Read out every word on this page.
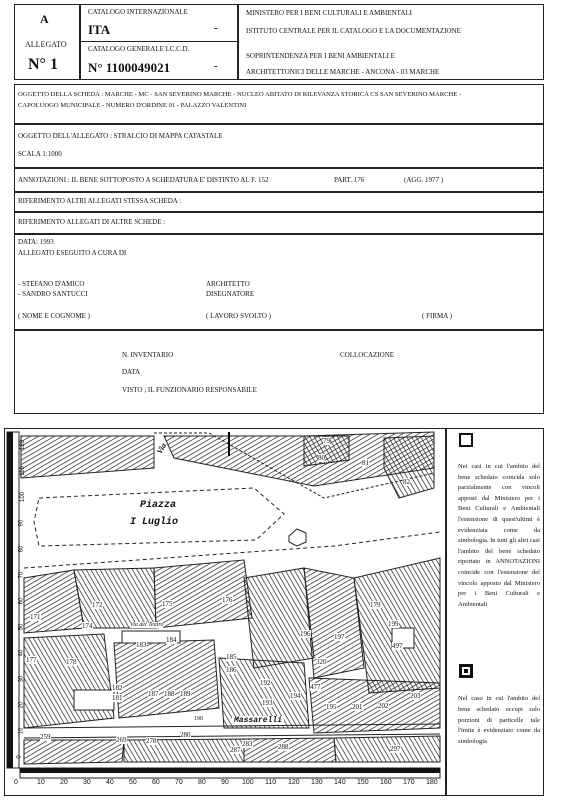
A
ALLEGATO
N° 1
CATALOGO INTERNAZIONALE
ITA	-
CATALOGO GENERALE I.C.C.D.
N° 1100049021	-
MINISTERO PER I BENI CULTURALI E AMBIENTALI
ISTITUTO CENTRALE PER IL CATALOGO E LA DOCUMENTAZIONE
SOPRINTENDENZA PER I BENI AMBIENTALI E
ARCHITETTONICI DELLE MARCHE - ANCONA - 03 MARCHE
OGGETTO DELLA SCHEDA : MARCHE - MC - SAN SEVERINO MARCHE - NUCLEO ABITATO DI RILEVANZA STORICA CS SAN SEVERINO MARCHE -
CAPOLUOGO MUNICIPALE - NUMERO D'ORDINE 01 - PALAZZO VALENTINI
OGGETTO DELL'ALLEGATO : STRALCIO DI MAPPA CATASTALE
SCALA 1:1000
ANNOTAZIONI : IL BENE SOTTOPOSTO A SCHEDATURA E' DISTINTO AL F. 152	PART. 176	(AGG. 1977 )
RIFERIMENTO ALTRI ALLEGATI STESSA SCHEDA :
RIFERIMENTO ALLEGATI DI ALTRE SCHEDE :
DATA: 1993
ALLEGATO ESEGUITO A CURA DI
- STEFANO D'AMICO
- SANDRO SANTUCCI
ARCHITETTO
DISEGNATORE
( NOME E COGNOME )	( LAVORO SVOLTO )	( FIRMA )
N. INVENTARIO	COLLOCAZIONE
DATA
VISTO ; IL FUNZIONARIO RESPONSABILE
Piazza
I Luglio
Via
Massarelli
Via del Teatro
79
80
81
82
172	175	176
171
174
178
177
179
183
184
185
186
196	197
199
202
203
320
182
181	187 188 189
192
193
194
195 201
259	269	278
280
283
287	288	297
477
497
190
0	10 20 30 40 50 60 70 80 90 100 110 120 130 140 150 160 170 180
120
110
100
90
80
70
60
50
40
30
20
10
0
Nei casi in cui l'ambito del bene schedato coincida solo parzialmente con vincoli apposti dal Ministero per i Beni Culturali e Ambientali l'estensione di quest'ultimi è evidenziata come da simbologia. In tutti gli altri casi l'ambito del bene schedato riportato in ANNOTAZIONI coincide con l'estensione del vincolo apposto dal Ministero per i Beni Culturali e Ambientali
Nel caso in cui l'ambito del bene schedato occupi solo porzioni di particelle tale l'imite è evidenziato come da simbologia
